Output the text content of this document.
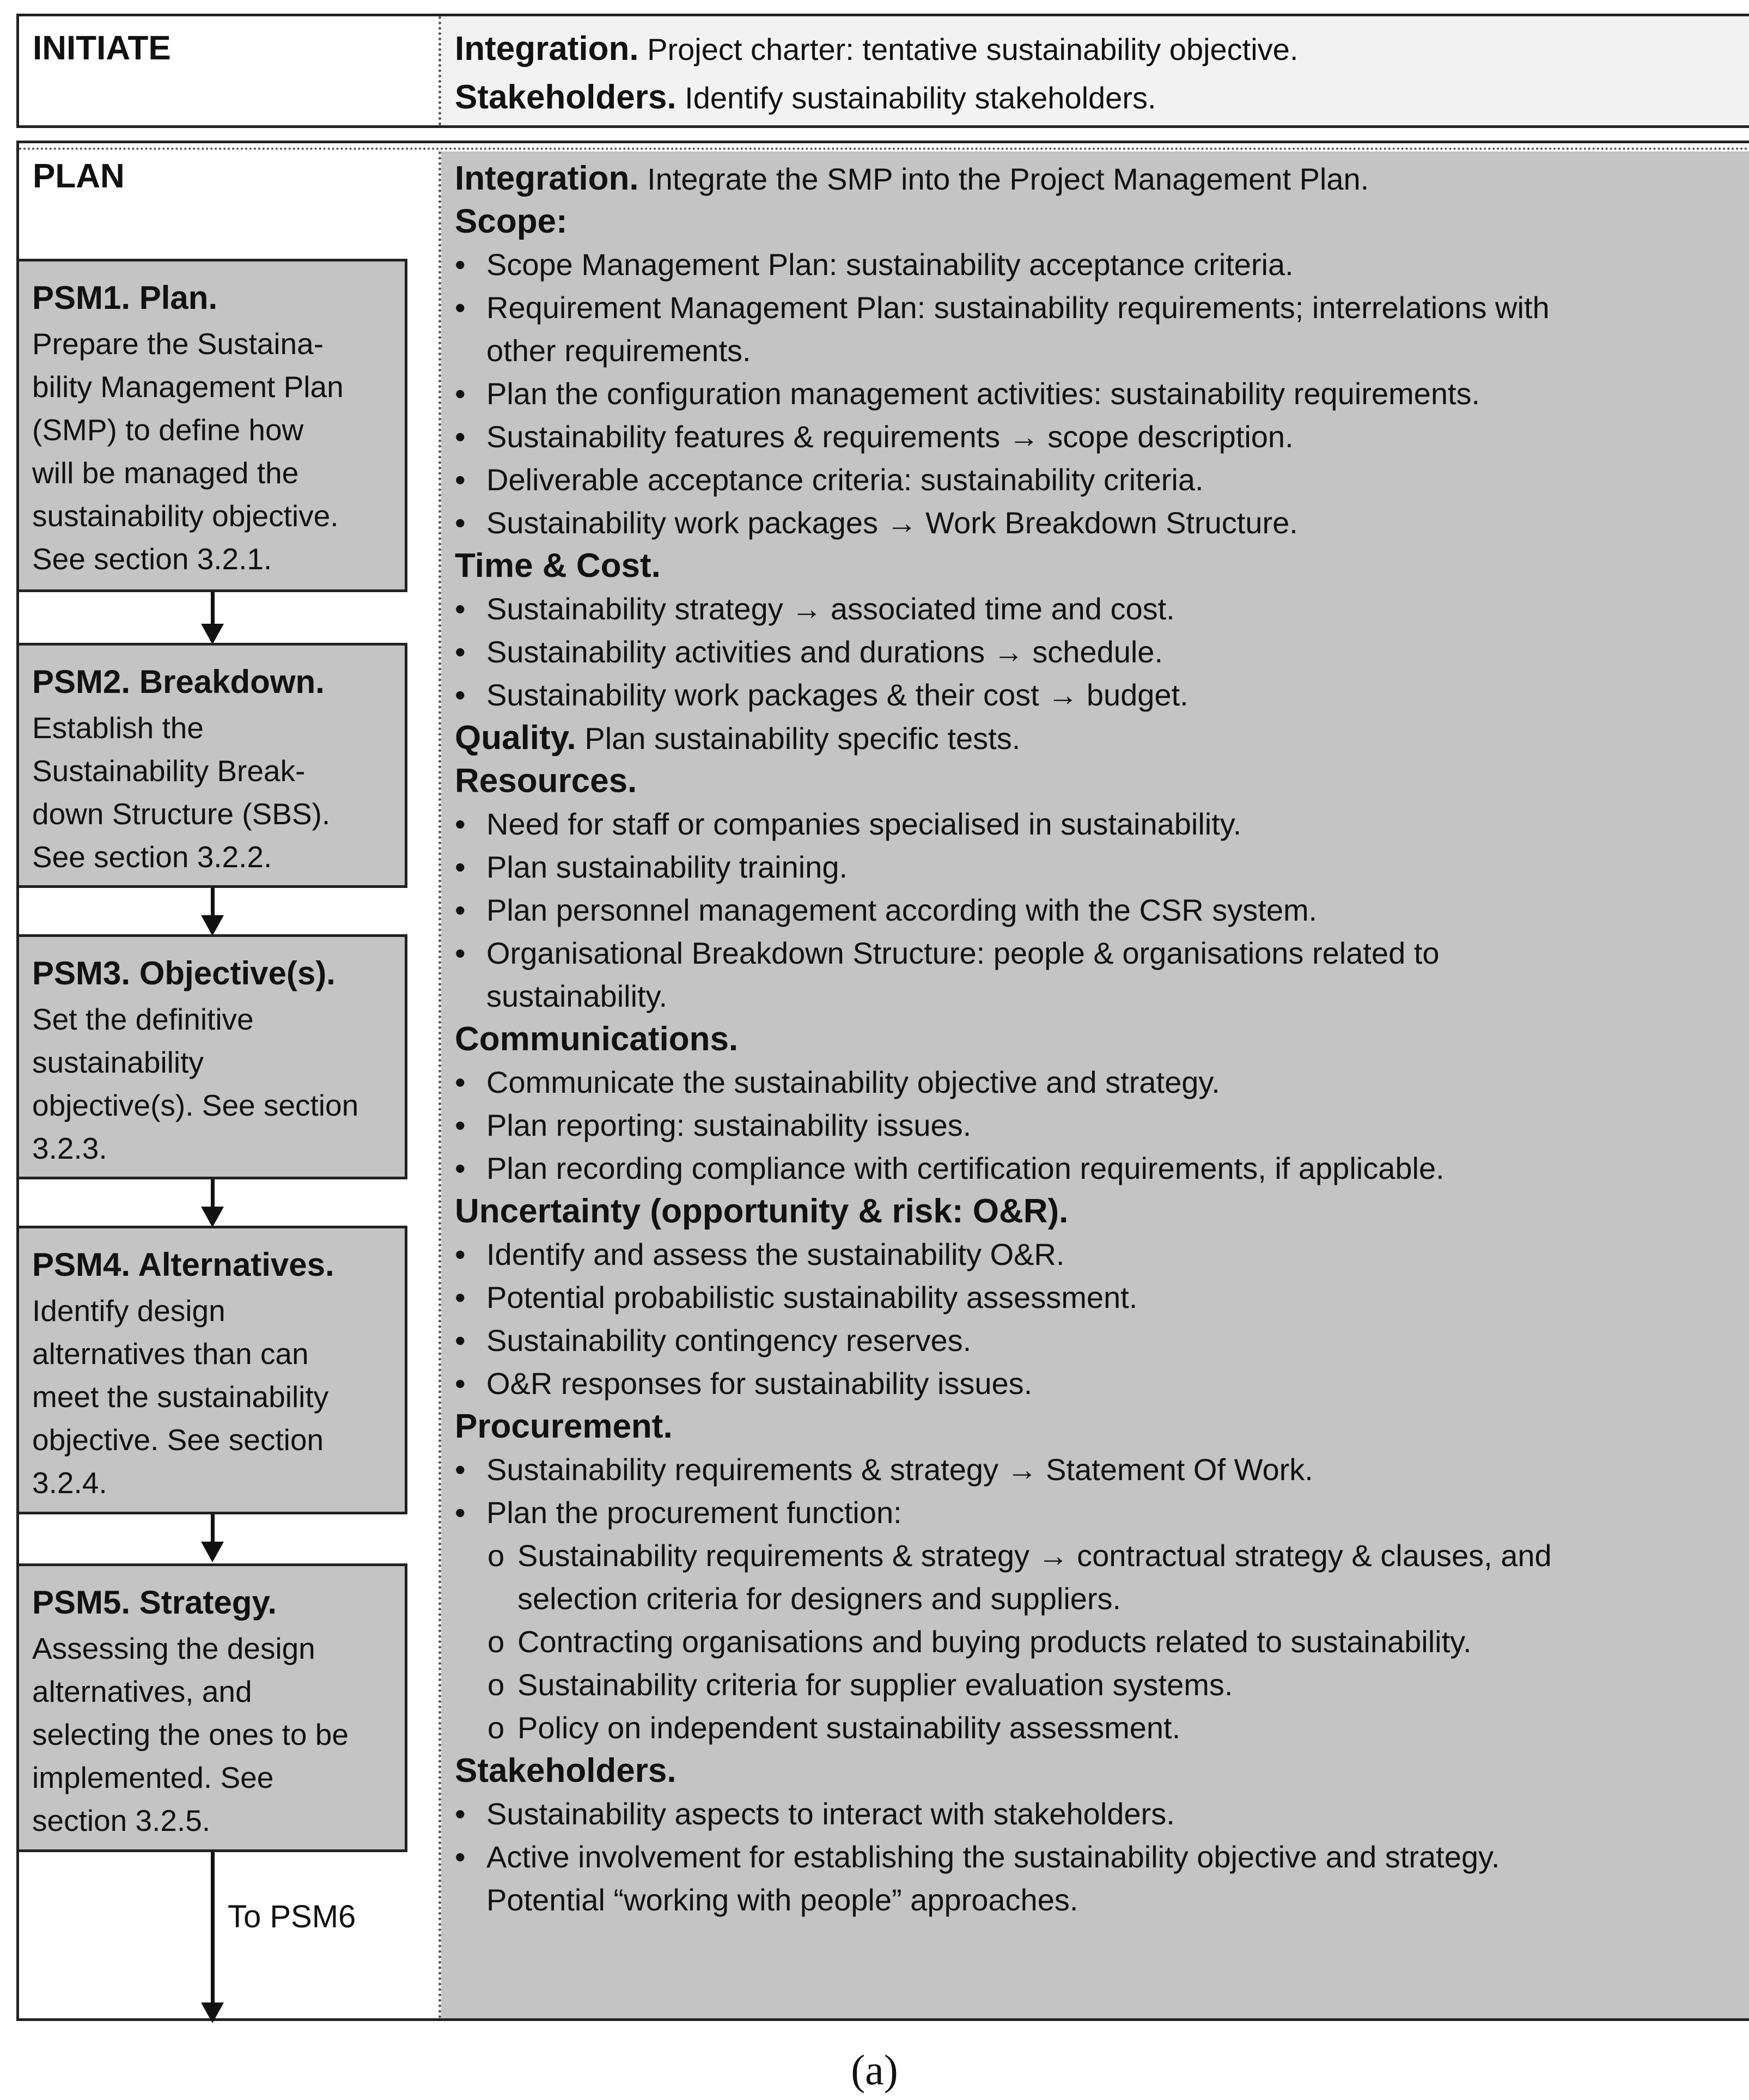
INITIATE	Integration. Project charter: tentative sustainability objective.
Stakeholders. Identify sustainability stakeholders.
PLAN	Integration. Integrate the SMP into the Project Management Plan.
Scope:
• Scope Management Plan: sustainability acceptance criteria.
• Requirement Management Plan: sustainability requirements; interrelations with
other requirements.
• Plan the configuration management activities: sustainability requirements.
• Sustainability features & requirements → scope description.
• Deliverable acceptance criteria: sustainability criteria.
• Sustainability work packages → Work Breakdown Structure.
Time & Cost.
• Sustainability strategy → associated time and cost.
• Sustainability activities and durations → schedule.
• Sustainability work packages & their cost → budget.
Quality. Plan sustainability specific tests.
Resources.
• Need for staff or companies specialised in sustainability.
• Plan sustainability training.
• Plan personnel management according with the CSR system.
• Organisational Breakdown Structure: people & organisations related to
sustainability.
Communications.
• Communicate the sustainability objective and strategy.
• Plan reporting: sustainability issues.
• Plan recording compliance with certification requirements, if applicable.
Uncertainty (opportunity & risk: O&R).
• Identify and assess the sustainability O&R.
• Potential probabilistic sustainability assessment.
• Sustainability contingency reserves.
• O&R responses for sustainability issues.
Procurement.
• Sustainability requirements & strategy → Statement Of Work.
• Plan the procurement function:
o Sustainability requirements & strategy → contractual strategy & clauses, and
selection criteria for designers and suppliers.
o Contracting organisations and buying products related to sustainability.
o Sustainability criteria for supplier evaluation systems.
o Policy on independent sustainability assessment.
Stakeholders.
• Sustainability aspects to interact with stakeholders.
• Active involvement for establishing the sustainability objective and strategy.
Potential “working with people” approaches.
PSM1. Plan.
Prepare the Sustaina-
bility Management Plan
(SMP) to define how
will be managed the
sustainability objective.
See section 3.2.1.
PSM2. Breakdown.
Establish the
Sustainability Break-
down Structure (SBS).
See section 3.2.2.
PSM3. Objective(s).
Set the definitive
sustainability
objective(s). See section
3.2.3.
PSM4. Alternatives.
Identify design
alternatives than can
meet the sustainability
objective. See section
3.2.4.
PSM5. Strategy.
Assessing the design
alternatives, and
selecting the ones to be
implemented. See
section 3.2.5.
To PSM6
(a)
